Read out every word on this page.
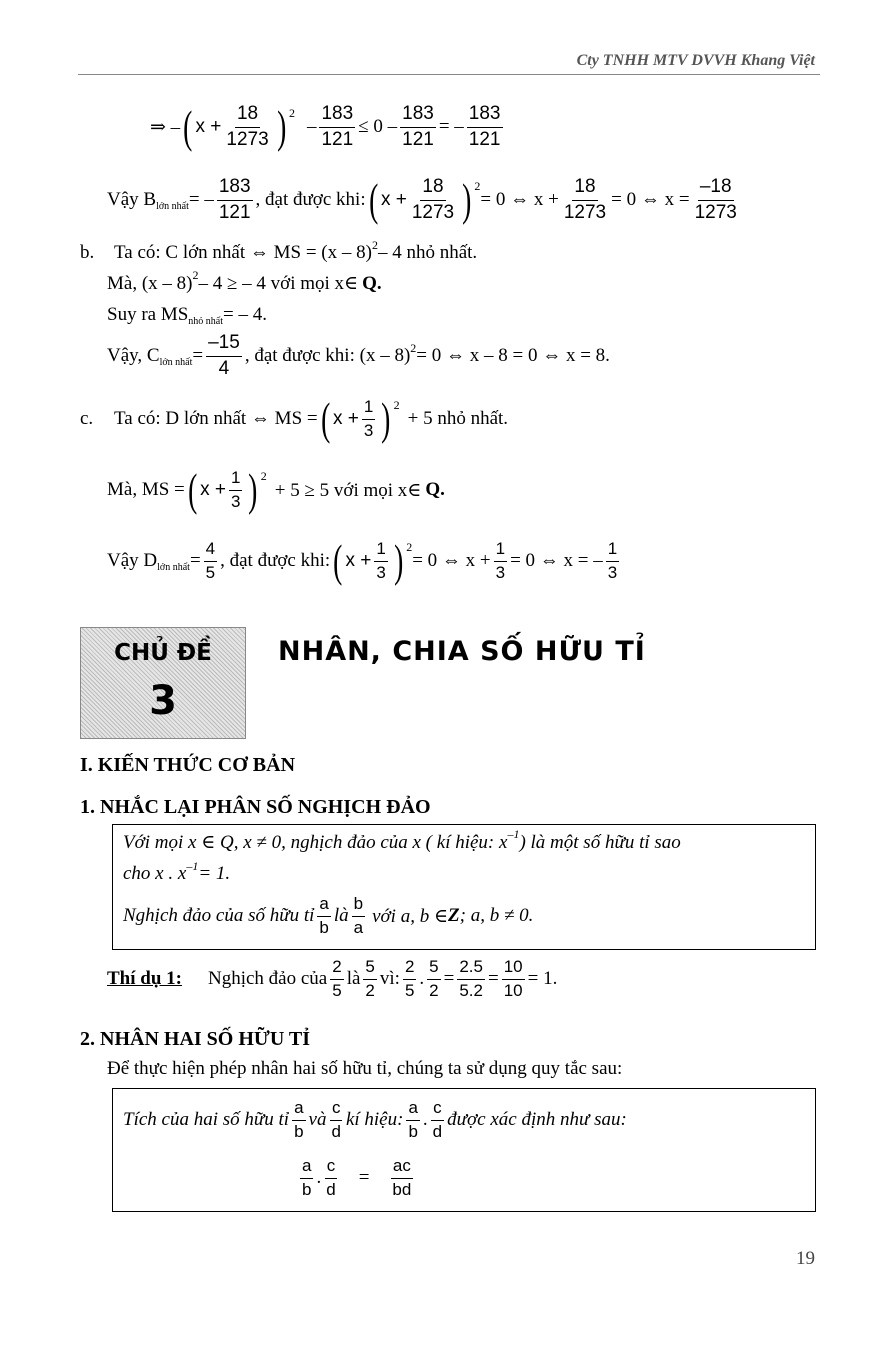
Cty TNHH MTV DVVH Khang Việt
⇒ – ( $x + \frac{18}{1273}$ ) $^2$
– $\frac{183}{121} \le 0 - \frac{183}{121}$ = – $\frac{183}{121}$
Vậy B lớn nhất = – $\frac{183}{121}$ , đạt được khi: ( $x + \frac{18}{1273}$ ) $^2$
= 0 ⇔ $x + \frac{18}{1273} = 0$ ⇔ $x = \frac{-18}{1273}$
b.	Ta có: C lớn nhất ⇔ MS = (x – 8)$^2$ – 4 nhỏ nhất.
Mà, (x – 8)$^2$ – 4 ≥ – 4 với mọi x∈ Q.
Suy ra MS nhỏ nhất = – 4.
Vậy, C lớn nhất = $\frac{-15}{4}$ , đạt được khi: (x – 8)$^2$ = 0 ⇔ x – 8 = 0 ⇔ x = 8.
c.	Ta có: D lớn nhất ⇔ MS = ( $x + \frac{1}{3}$ ) $^2$
+ 5 nhỏ nhất.
Mà, MS = ( $x + \frac{1}{3}$ ) $^2$
+ 5 ≥ 5 với mọi x∈ Q.
Vậy D lớn nhất = $\frac{4}{5}$ , đạt được khi: ( $x + \frac{1}{3}$ ) $^2$
= 0 ⇔ $x + \frac{1}{3} = 0$ ⇔ x = – $\frac{1}{3}$
CHỦ ĐỀ
3
NHÂN, CHIA SỐ HỮU TỈ
I. KIẾN THỨC CƠ BẢN
1. NHẮC LẠI PHÂN SỐ NGHỊCH ĐẢO
Với mọi x ∈ Q, x ≠ 0, nghịch đảo của x ( kí hiệu: $x^{-1}$ ) là một số hữu tỉ sao
cho x . $x^{-1} = 1$.
Nghịch đảo của số hữu tỉ $\frac{a}{b}$ là $\frac{b}{a}$ với a, b ∈ Z ; a, b ≠ 0.
Thí dụ 1: Nghịch đảo của $\frac{2}{5}$ là $\frac{5}{2}$ vì: $\frac{2}{5}$ . $\frac{5}{2} = \frac{2.5}{5.2} = \frac{10}{10} = 1$.
2. NHÂN HAI SỐ HỮU TỈ
Để thực hiện phép nhân hai số hữu tỉ, chúng ta sử dụng quy tắc sau:
Tích của hai số hữu tỉ $\frac{a}{b}$ và $\frac{c}{d}$ kí hiệu: $\frac{a}{b}$ . $\frac{c}{d}$ được xác định như sau:
$\frac{a}{b}$ . $\frac{c}{d} = \frac{ac}{bd}$
19
